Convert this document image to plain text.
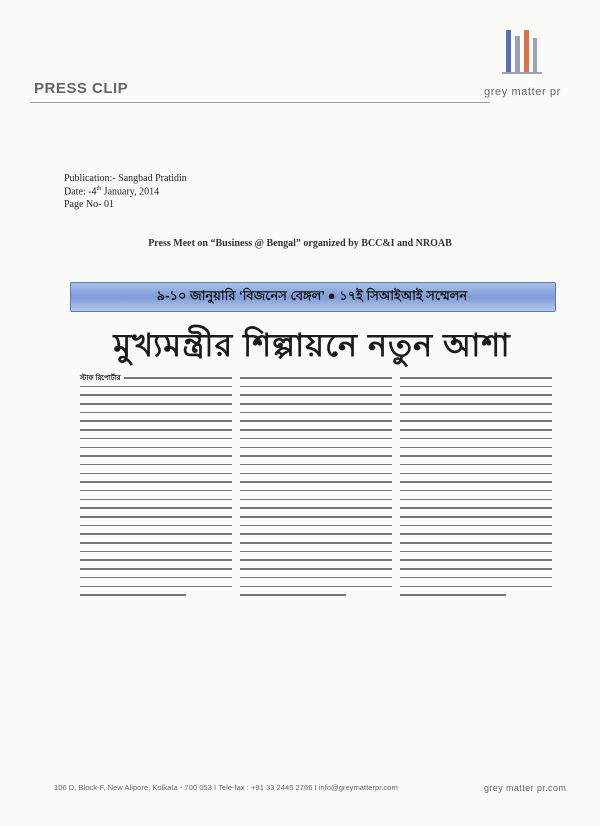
PRESS CLIP	grey matter pr
Publication:- Sangbad Pratidin
Date: -4th January, 2014
Page No- 01
Press Meet on “Business @ Bengal” organized by BCC&I and NROAB
৯-১০ জানুয়ারি ‘বিজনেস বেঙ্গল’ ● ১৭ই সিআইআই সম্মেলন
মুখ্যমন্ত্রীর শিল্পায়নে নতুন আশা
স্টাফ রিপোর্টার
106 D, Block-F, New Alipore, Kolkata - 700 053 I Tele-fax : +91 33 2445 2766 I info@greymatterpr.com	grey matter pr.com
